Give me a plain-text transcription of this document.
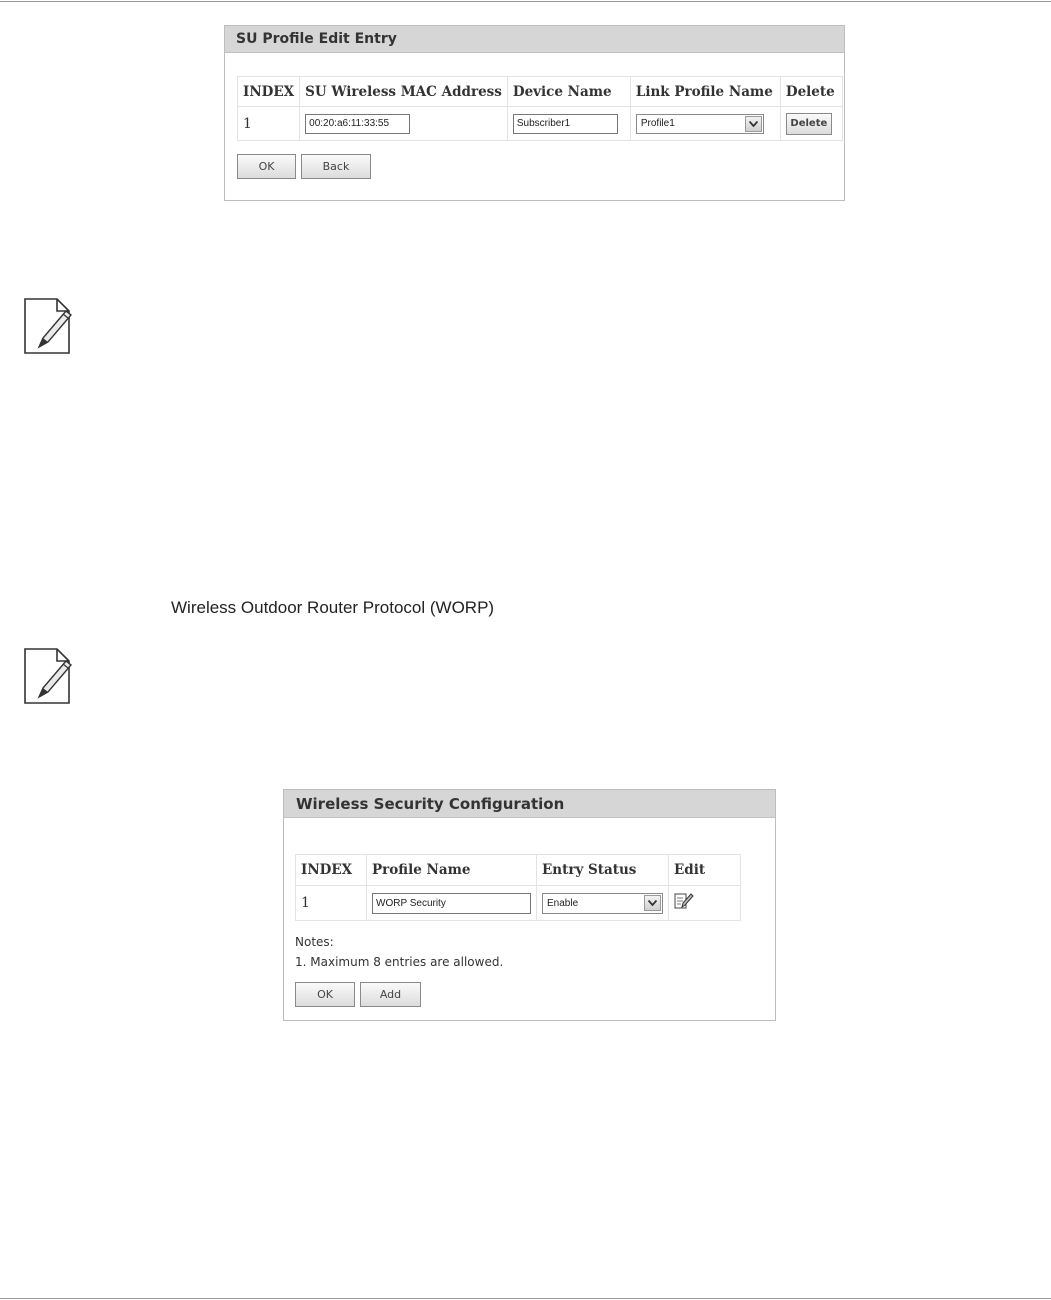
SU Profile Edit Entry
INDEX	SU Wireless MAC Address	Device Name	Link Profile Name	Delete
1	00:20:a6:11:33:55	Subscriber1	Profile1	Delete
OK	Back
Wireless Outdoor Router Protocol (WORP)
Wireless Security Configuration
INDEX	Profile Name	Entry Status	Edit
1	WORP Security	Enable

Notes:
1. Maximum 8 entries are allowed.
OK	Add
